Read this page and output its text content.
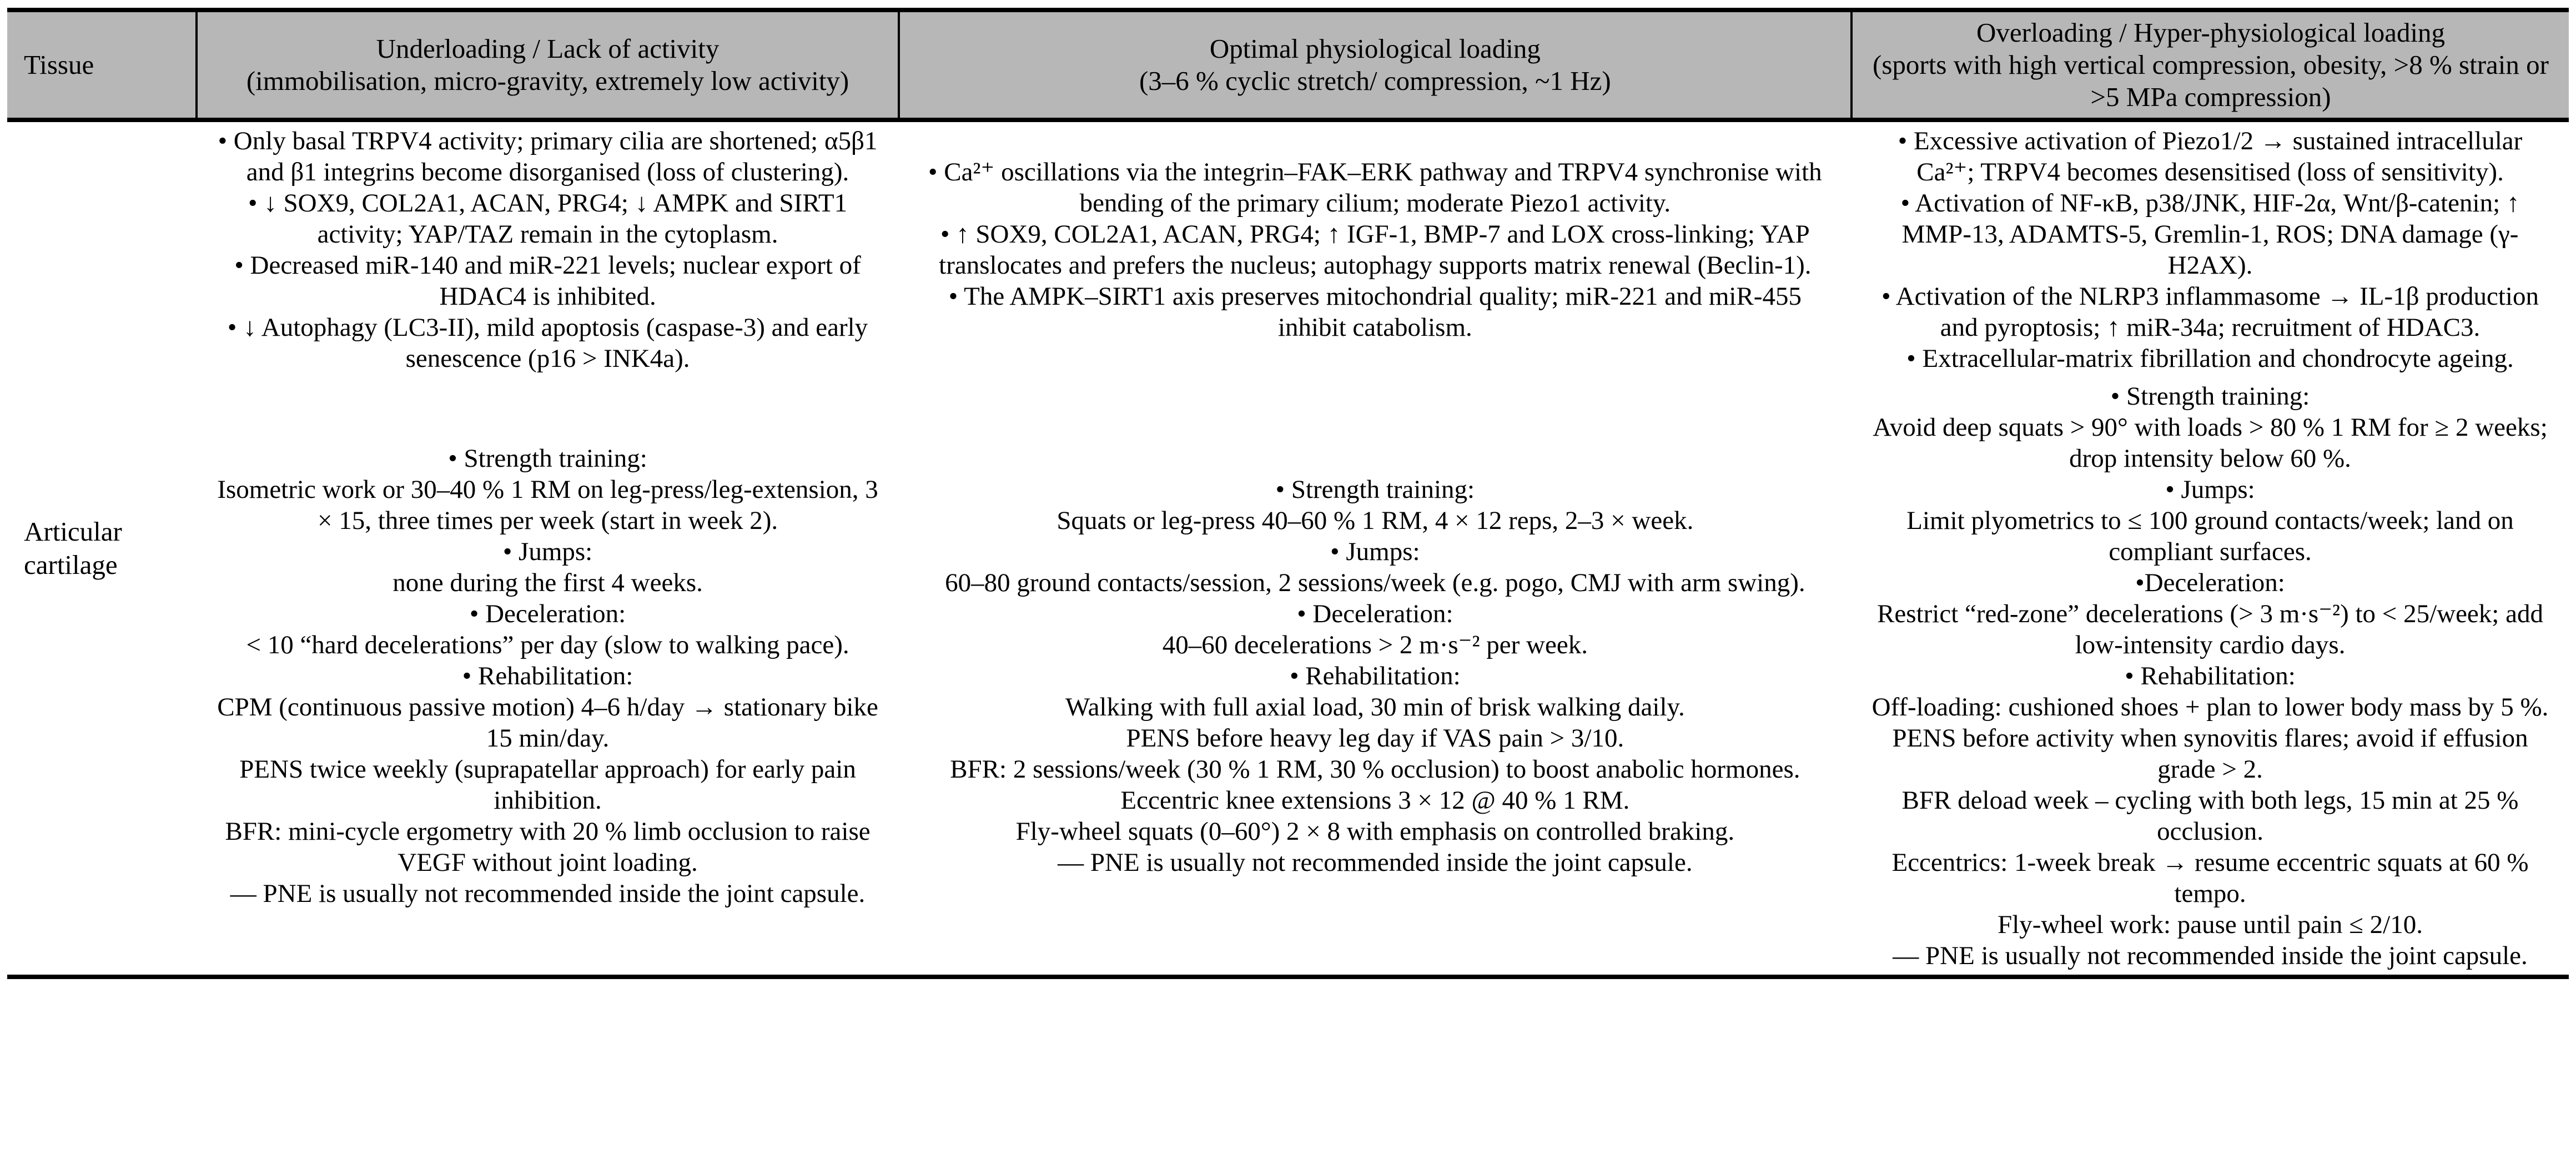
Tissue	
Underloading / Lack of activity
(immobilisation, micro-gravity, extremely low activity)

Optimal physiological loading
(3–6 % cyclic stretch/ compression, ~1 Hz)

Overloading / Hyper-physiological loading
(sports with high vertical compression, obesity, >8 % strain or >5 MPa compression)

Articular cartilage	
• Only basal TRPV4 activity; primary cilia are shortened; α5β1 and β1 integrins become disorganised (loss of clustering).
• ↓ SOX9, COL2A1, ACAN, PRG4; ↓ AMPK and SIRT1 activity; YAP/TAZ remain in the cytoplasm.
• Decreased miR-140 and miR-221 levels; nuclear export of HDAC4 is inhibited.
• ↓ Autophagy (LC3-II), mild apoptosis (caspase-3) and early senescence (p16 > INK4a).

• Ca²⁺ oscillations via the integrin–FAK–ERK pathway and TRPV4 synchronise with bending of the primary cilium; moderate Piezo1 activity.
• ↑ SOX9, COL2A1, ACAN, PRG4; ↑ IGF-1, BMP-7 and LOX cross-linking; YAP translocates and prefers the nucleus; autophagy supports matrix renewal (Beclin-1).
• The AMPK–SIRT1 axis preserves mitochondrial quality; miR-221 and miR-455 inhibit catabolism.

• Excessive activation of Piezo1/2 → sustained intracellular Ca²⁺; TRPV4 becomes desensitised (loss of sensitivity).
• Activation of NF-κB, p38/JNK, HIF-2α, Wnt/β-catenin; ↑ MMP-13, ADAMTS-5, Gremlin-1, ROS; DNA damage (γ-H2AX).
• Activation of the NLRP3 inflammasome → IL-1β production and pyroptosis; ↑ miR-34a; recruitment of HDAC3.
• Extracellular-matrix fibrillation and chondrocyte ageing.

• Strength training:
Isometric work or 30–40 % 1 RM on leg-press/leg-extension, 3 × 15, three times per week (start in week 2).
• Jumps:
none during the first 4 weeks.
• Deceleration:
< 10 “hard decelerations” per day (slow to walking pace).
• Rehabilitation:
CPM (continuous passive motion) 4–6 h/day → stationary bike 15 min/day.
PENS twice weekly (suprapatellar approach) for early pain inhibition.
BFR: mini-cycle ergometry with 20 % limb occlusion to raise VEGF without joint loading.
— PNE is usually not recommended inside the joint capsule.

• Strength training:
Squats or leg-press 40–60 % 1 RM, 4 × 12 reps, 2–3 × week.
• Jumps:
60–80 ground contacts/session, 2 sessions/week (e.g. pogo, CMJ with arm swing).
• Deceleration:
40–60 decelerations > 2 m·s⁻² per week.
• Rehabilitation:
Walking with full axial load, 30 min of brisk walking daily.
PENS before heavy leg day if VAS pain > 3/10.
BFR: 2 sessions/week (30 % 1 RM, 30 % occlusion) to boost anabolic hormones.
Eccentric knee extensions 3 × 12 @ 40 % 1 RM.
Fly-wheel squats (0–60°) 2 × 8 with emphasis on controlled braking.
— PNE is usually not recommended inside the joint capsule.

• Strength training:
Avoid deep squats > 90° with loads > 80 % 1 RM for ≥ 2 weeks; drop intensity below 60 %.
• Jumps:
Limit plyometrics to ≤ 100 ground contacts/week; land on compliant surfaces.
•Deceleration:
Restrict “red-zone” decelerations (> 3 m·s⁻²) to < 25/week; add low-intensity cardio days.
• Rehabilitation:
Off-loading: cushioned shoes + plan to lower body mass by 5 %.
PENS before activity when synovitis flares; avoid if effusion grade > 2.
BFR deload week – cycling with both legs, 15 min at 25 % occlusion.
Eccentrics: 1-week break → resume eccentric squats at 60 % tempo.
Fly-wheel work: pause until pain ≤ 2/10.
— PNE is usually not recommended inside the joint capsule.
